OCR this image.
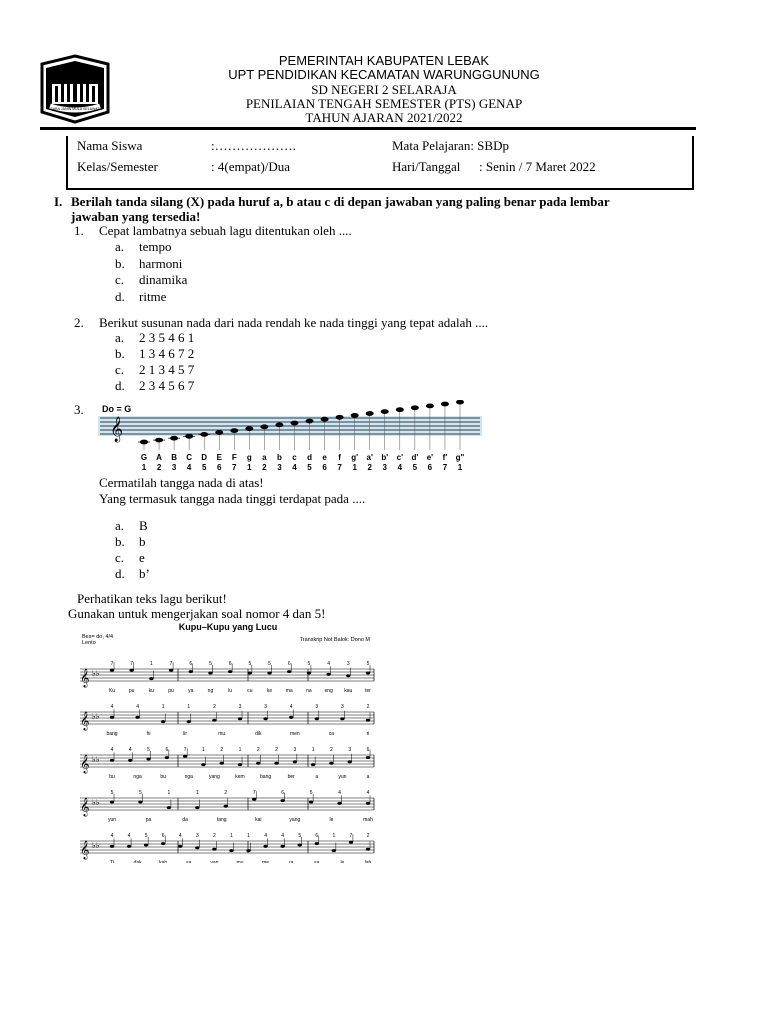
SABA JANIN MULA SELAWAT
PEMERINTAH KABUPATEN LEBAK
UPT PENDIDIKAN KECAMATAN WARUNGGUNUNG
SD NEGERI 2 SELARAJA
PENILAIAN TENGAH SEMESTER (PTS) GENAP
TAHUN AJARAN 2021/2022
Nama Siswa	:……………….	Mata Pelajaran: SBDp
Kelas/Semester	: 4(empat)/Dua	Hari/Tanggal : Senin / 7 Maret 2022
I. Berilah tanda silang (X) pada huruf a, b atau c di depan jawaban yang paling benar pada lembar
jawaban yang tersedia!
1. Cepat lambatnya sebuah lagu ditentukan oleh ....
a. tempo
b. harmoni
c. dinamika
d. ritme
2. Berikut susunan nada dari nada rendah ke nada tinggi yang tepat adalah ....
a. 2 3 5 4 6 1
b. 1 3 4 6 7 2
c. 2 1 3 4 5 7
d. 2 3 4 5 6 7
3.
𝄞
Do = G
G A B C D E F g a b c d e f g' a' b' c' d' e' f' g"
1 2 3 4 5 6 7 1 2 3 4 5 6 7 1 2 3 4 5 6 7 1
Cermatilah tangga nada di atas!
Yang termasuk tangga nada tinggi terdapat pada ....
a. B
b. b
c. e
d. b’
Perhatikan teks lagu berikut!
Gunakan untuk mengerjakan soal nomor 4 dan 5!
Kupu–Kupu yang Lucu
Bes= do, 4/4
Lento	Transkrip Not Balok: Dono M
𝄞 ♭♭
7	7	1	7	6	5	6	5	5	6	5	4	3	5
Ku	pu	ku	pu	ya	ng	lu	cu	ke	ma	na	eng kau	ter
𝄞 ♭♭
4	4	1	1	2	3	3	4	3	3	2
bang	hi	lir	mu	dik	men	ca	ri
𝄞 ♭♭
4	4	5	6	7	1	2	1	2	2	3	1	2	3	6
bu	nga	bu	nga	yang	kem	bang	ber	a	yun	a
𝄞 ♭♭
5	5	1	1	2	7	6	5	4	4
yun	pa	da	tang	kai	yang	le	mah
𝄞 ♭♭
4	4	5	6	4	3	2	1	1	4	4	5	6	1	7	2
Ti	dak	kah	sa	yap	mu	me	ra	sa	le	lah
